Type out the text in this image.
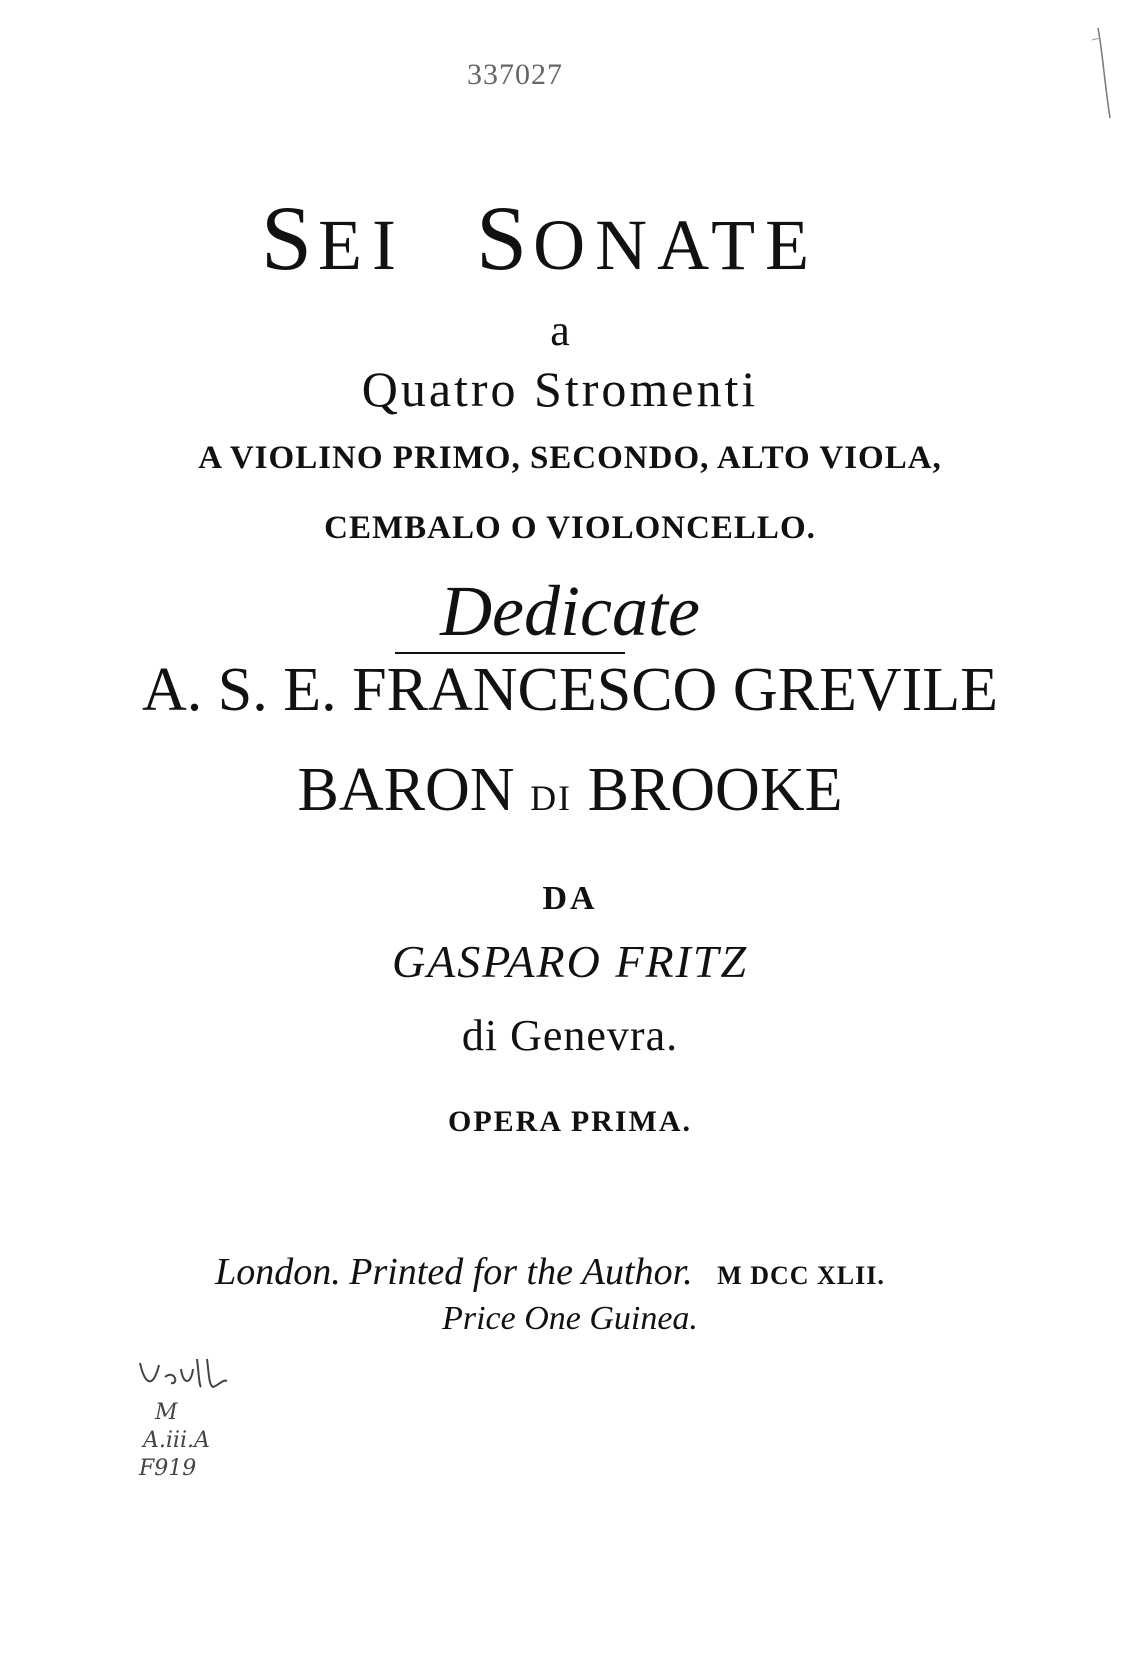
337027
SEI SONATE
a
Quatro Stromenti
A VIOLINO PRIMO, SECONDO, ALTO VIOLA,
CEMBALO O VIOLONCELLO.
Dedicate
A. S. E. FRANCESCO GREVILE
BARON DI BROOKE
DA
GASPARO FRITZ
di Genevra.
OPERA PRIMA.
London. Printed for the Author. M DCC XLII.
Price One Guinea.
M
A.iii.A
F919
